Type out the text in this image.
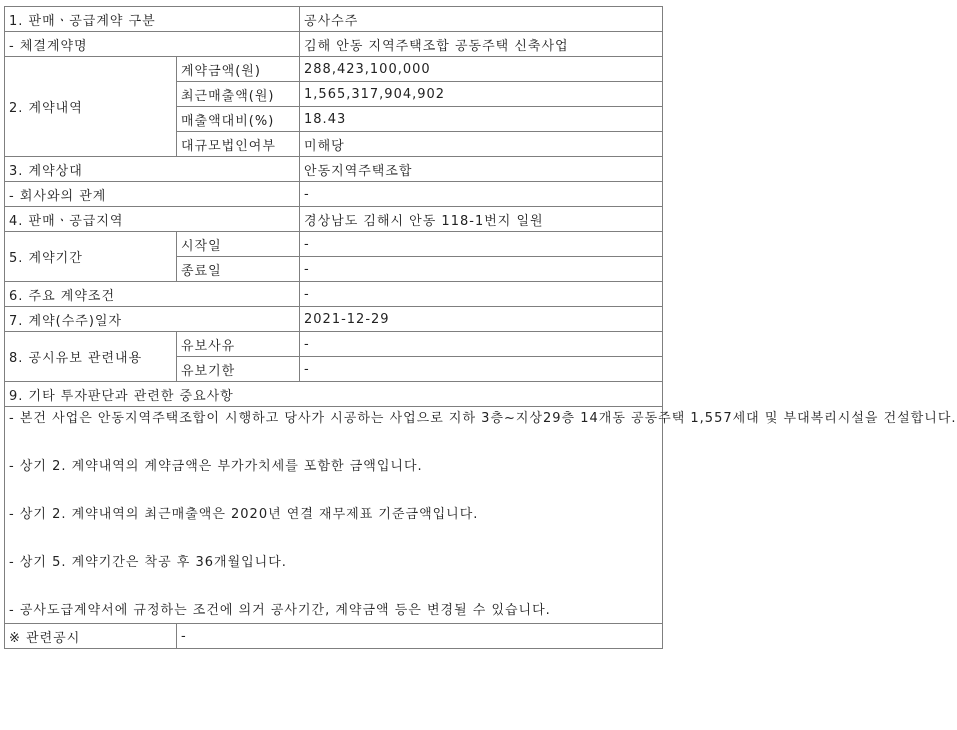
1. 판매ㆍ공급계약 구분		공사수주
- 체결계약명		김해 안동 지역주택조합 공동주택 신축사업
2. 계약내역	계약금액(원)	288,423,100,000
	최근매출액(원)	1,565,317,904,902
	매출액대비(%)	18.43
	대규모법인여부	미해당
3. 계약상대		안동지역주택조합
- 회사와의 관계		-
4. 판매ㆍ공급지역		경상남도 김해시 안동 118-1번지 일원
5. 계약기간	시작일	-
	종료일	-
6. 주요 계약조건		-
7. 계약(수주)일자		2021-12-29
8. 공시유보 관련내용	유보사유	-
	유보기한	-
9. 기타 투자판단과 관련한 중요사항		

- 본건 사업은 안동지역주택조합이 시행하고 당사가 시공하는 사업으로 지하 3층~지상29층 14개동 공동주택 1,557세대 및 부대복리시설을 건설합니다.

- 상기 2. 계약내역의 계약금액은 부가가치세를 포함한 금액입니다.

- 상기 2. 계약내역의 최근매출액은 2020년 연결 재무제표 기준금액입니다.

- 상기 5. 계약기간은 착공 후 36개월입니다.

- 공사도급계약서에 규정하는 조건에 의거 공사기간, 계약금액 등은 변경될 수 있습니다.		

※ 관련공시	-	
